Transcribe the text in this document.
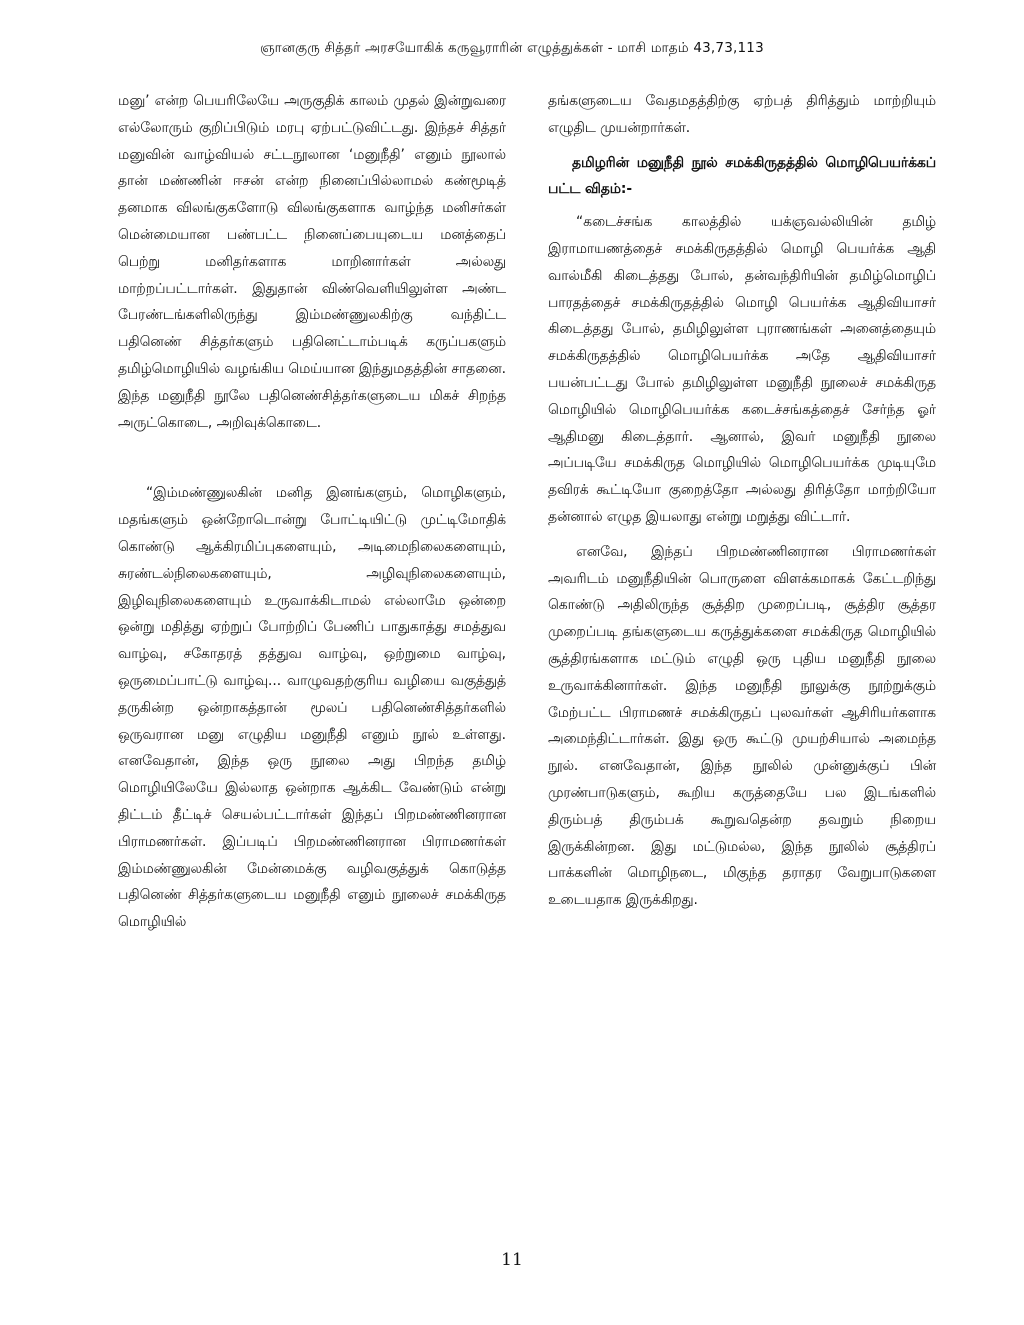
ஞானகுரு சித்தர் அரசயோகிக் கருவூராரின் எழுத்துக்கள் - மாசி மாதம் 43,73,113

மனு’ என்ற பெயரிலேயே அருகுதிக் காலம் முதல் இன்றுவரை எல்லோரும் குறிப்பிடும் மரபு ஏற்பட்டுவிட்டது. இந்தச் சித்தர் மனுவின் வாழ்வியல் சட்டநூலான ‘மனுநீதி’ எனும் நூலால் தான் மண்ணின் ஈசன் என்ற நினைப்பில்லாமல் கண்மூடித் தனமாக விலங்குகளோடு விலங்குகளாக வாழ்ந்த மனிசர்கள் மென்மையான பண்பட்ட நினைப்பையுடைய மனத்தைப் பெற்று மனிதர்களாக மாறினார்கள் அல்லது மாற்றப்பட்டார்கள். இதுதான் விண்வெளியிலுள்ள அண்ட பேரண்டங்களிலிருந்து இம்மண்ணுலகிற்கு வந்திட்ட பதினெண் சித்தர்களும் பதினெட்டாம்படிக் கருப்பகளும் தமிழ்மொழியில் வழங்கிய மெய்யான இந்துமதத்தின் சாதனை. இந்த மனுநீதி நூலே பதினெண்சித்தர்களுடைய மிகச் சிறந்த அருட்கொடை, அறிவுக்கொடை.

“இம்மண்ணுலகின் மனித இனங்களும், மொழிகளும், மதங்களும் ஒன்றோடொன்று போட்டியிட்டு முட்டிமோதிக் கொண்டு ஆக்கிரமிப்புகளையும், அடிமைநிலைகளையும், சுரண்டல்நிலைகளையும், அழிவுநிலைகளையும், இழிவுநிலைகளையும் உருவாக்கிடாமல் எல்லாமே ஒன்றை ஒன்று மதித்து ஏற்றுப் போற்றிப் பேணிப் பாதுகாத்து சமத்துவ வாழ்வு, சகோதரத் தத்துவ வாழ்வு, ஒற்றுமை வாழ்வு, ஒருமைப்பாட்டு வாழ்வு... வாழுவதற்குரிய வழியை வகுத்துத் தருகின்ற ஒன்றாகத்தான் மூலப் பதினெண்சித்தர்களில் ஒருவரான மனு எழுதிய மனுநீதி எனும் நூல் உள்ளது. எனவேதான், இந்த ஒரு நூலை அது பிறந்த தமிழ் மொழியிலேயே இல்லாத ஒன்றாக ஆக்கிட வேண்டும் என்று திட்டம் தீட்டிச் செயல்பட்டார்கள் இந்தப் பிறமண்ணினரான பிராமணர்கள். இப்படிப் பிறமண்ணினரான பிராமணர்கள் இம்மண்ணுலகின் மேன்மைக்கு வழிவகுத்துக் கொடுத்த பதினெண் சித்தர்களுடைய மனுநீதி எனும் நூலைச் சமக்கிருத மொழியில்

தங்களுடைய வேதமதத்திற்கு ஏற்பத் திரித்தும் மாற்றியும் எழுதிட முயன்றார்கள்.

தமிழரின் மனுநீதி நூல் சமக்கிருதத்தில் மொழிபெயர்க்கப் பட்ட விதம்:-

“கடைச்சங்க காலத்தில் யக்ஞவல்லியின் தமிழ் இராமாயணத்தைச் சமக்கிருதத்தில் மொழி பெயர்க்க ஆதி வால்மீகி கிடைத்தது போல், தன்வந்திரியின் தமிழ்மொழிப் பாரதத்தைச் சமக்கிருதத்தில் மொழி பெயர்க்க ஆதிவியாசர் கிடைத்தது போல், தமிழிலுள்ள புராணங்கள் அனைத்தையும் சமக்கிருதத்தில் மொழிபெயர்க்க அதே ஆதிவியாசர் பயன்பட்டது போல் தமிழிலுள்ள மனுநீதி நூலைச் சமக்கிருத மொழியில் மொழிபெயர்க்க கடைச்சங்கத்தைச் சேர்ந்த ஓர் ஆதிமனு கிடைத்தார். ஆனால், இவர் மனுநீதி நூலை அப்படியே சமக்கிருத மொழியில் மொழிபெயர்க்க முடியுமே தவிரக் கூட்டியோ குறைத்தோ அல்லது திரித்தோ மாற்றியோ தன்னால் எழுத இயலாது என்று மறுத்து விட்டார்.

எனவே, இந்தப் பிறமண்ணினரான பிராமணர்கள் அவரிடம் மனுநீதியின் பொருளை விளக்கமாகக் கேட்டறிந்து கொண்டு அதிலிருந்த சூத்திற முறைப்படி, சூத்திர சூத்தர முறைப்படி தங்களுடைய கருத்துக்களை சமக்கிருத மொழியில் சூத்திரங்களாக மட்டும் எழுதி ஒரு புதிய மனுநீதி நூலை உருவாக்கினார்கள். இந்த மனுநீதி நூலுக்கு நூற்றுக்கும் மேற்பட்ட பிராமணச் சமக்கிருதப் புலவர்கள் ஆசிரியர்களாக அமைந்திட்டார்கள். இது ஒரு கூட்டு முயற்சியால் அமைந்த நூல். எனவேதான், இந்த நூலில் முன்னுக்குப் பின் முரண்பாடுகளும், கூறிய கருத்தையே பல இடங்களில் திரும்பத் திரும்பக் கூறுவதென்ற தவறும் நிறைய இருக்கின்றன. இது மட்டுமல்ல, இந்த நூலில் சூத்திரப் பாக்களின் மொழிநடை, மிகுந்த தராதர வேறுபாடுகளை உடையதாக இருக்கிறது.

11
